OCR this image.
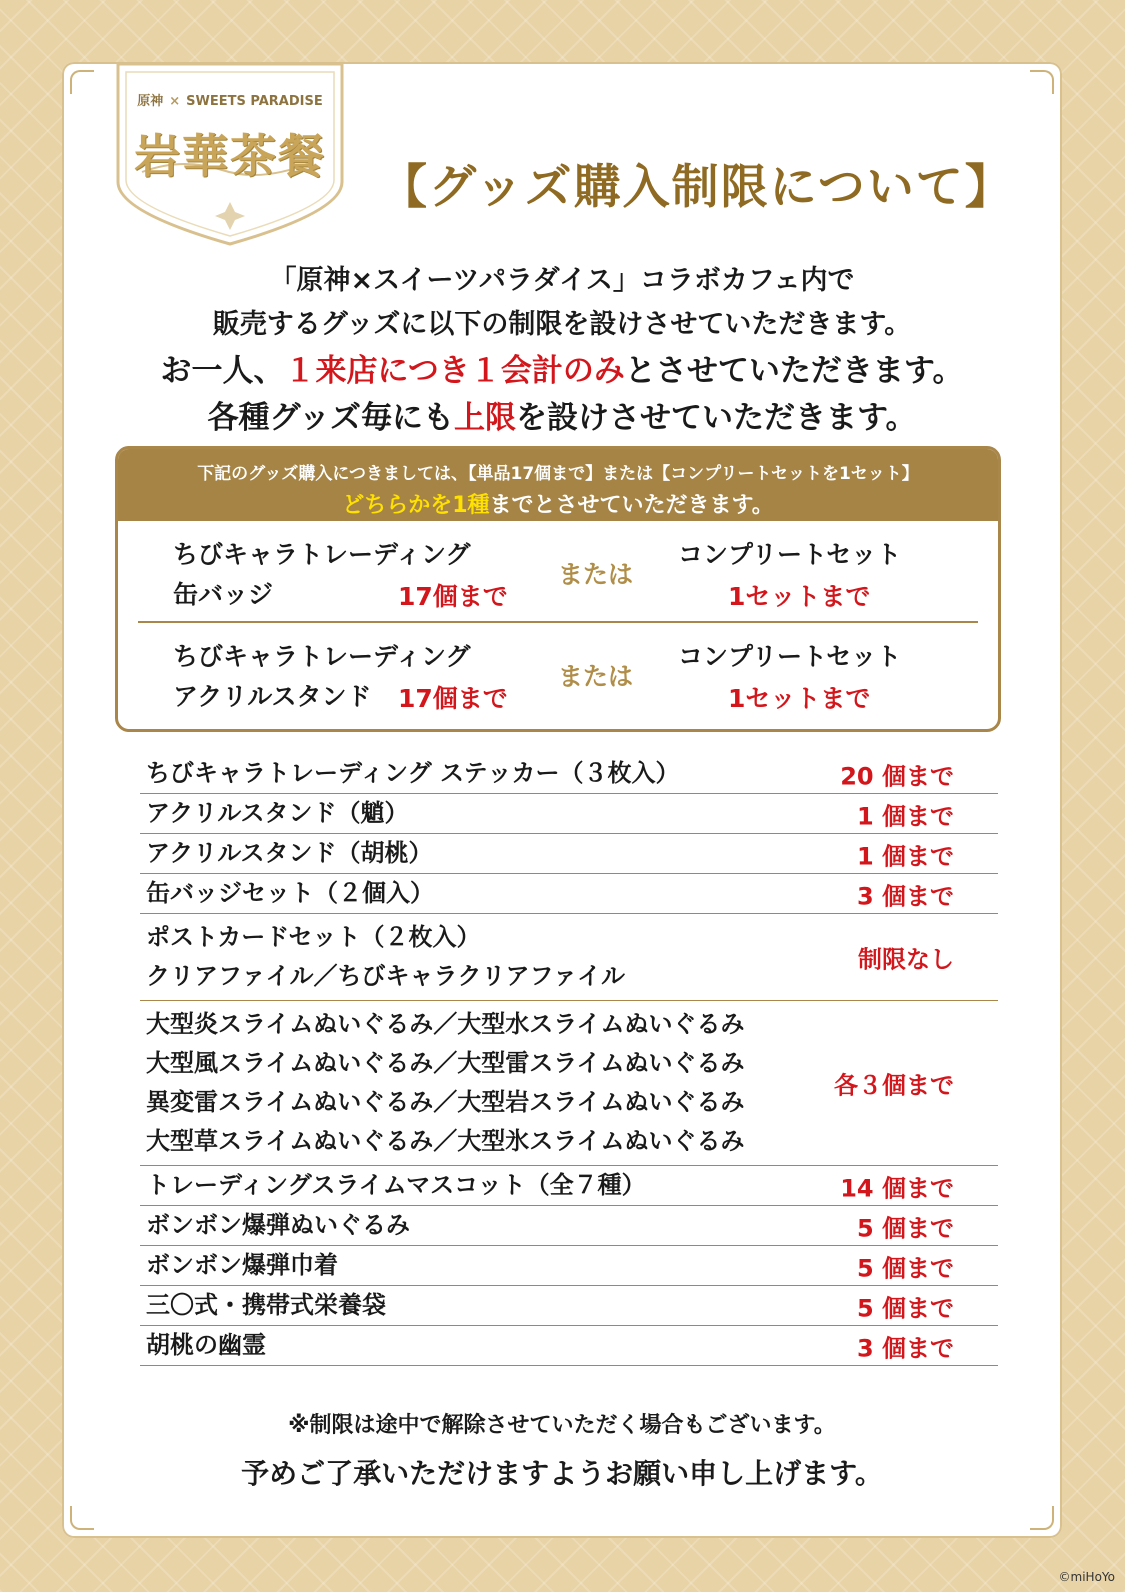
原神 × SWEETS PARADISE
岩華茶餐
【グッズ購入制限について】
「原神×スイーツパラダイス」コラボカフェ内で
販売するグッズに以下の制限を設けさせていただきます。
お一人、１来店につき１会計のみとさせていただきます。
各種グッズ毎にも上限を設けさせていただきます。
下記のグッズ購入につきましては、【単品17個まで】または【コンプリートセットを1セット】
どちらかを1種までとさせていただきます。
ちびキャラトレーディング
缶バッジ	17個まで
または
コンプリートセット
1セットまで
ちびキャラトレーディング
アクリルスタンド 17個まで
または
コンプリートセット
1セットまで
ちびキャラトレーディング ステッカー（３枚入）	20 個まで
アクリルスタンド（魈）	1 個まで
アクリルスタンド（胡桃）	1 個まで
缶バッジセット（２個入）	3 個まで
ポストカードセット（２枚入）
クリアファイル／ちびキャラクリアファイル
制限なし
大型炎スライムぬいぐるみ／大型水スライムぬいぐるみ
大型風スライムぬいぐるみ／大型雷スライムぬいぐるみ
異変雷スライムぬいぐるみ／大型岩スライムぬいぐるみ
大型草スライムぬいぐるみ／大型氷スライムぬいぐるみ
各３個まで
トレーディングスライムマスコット（全７種）	14 個まで
ボンボン爆弾ぬいぐるみ	5 個まで
ボンボン爆弾巾着	5 個まで
三〇式・携帯式栄養袋	5 個まで
胡桃の幽霊	3 個まで
※制限は途中で解除させていただく場合もございます。
予めご了承いただけますようお願い申し上げます。
©miHoYo
